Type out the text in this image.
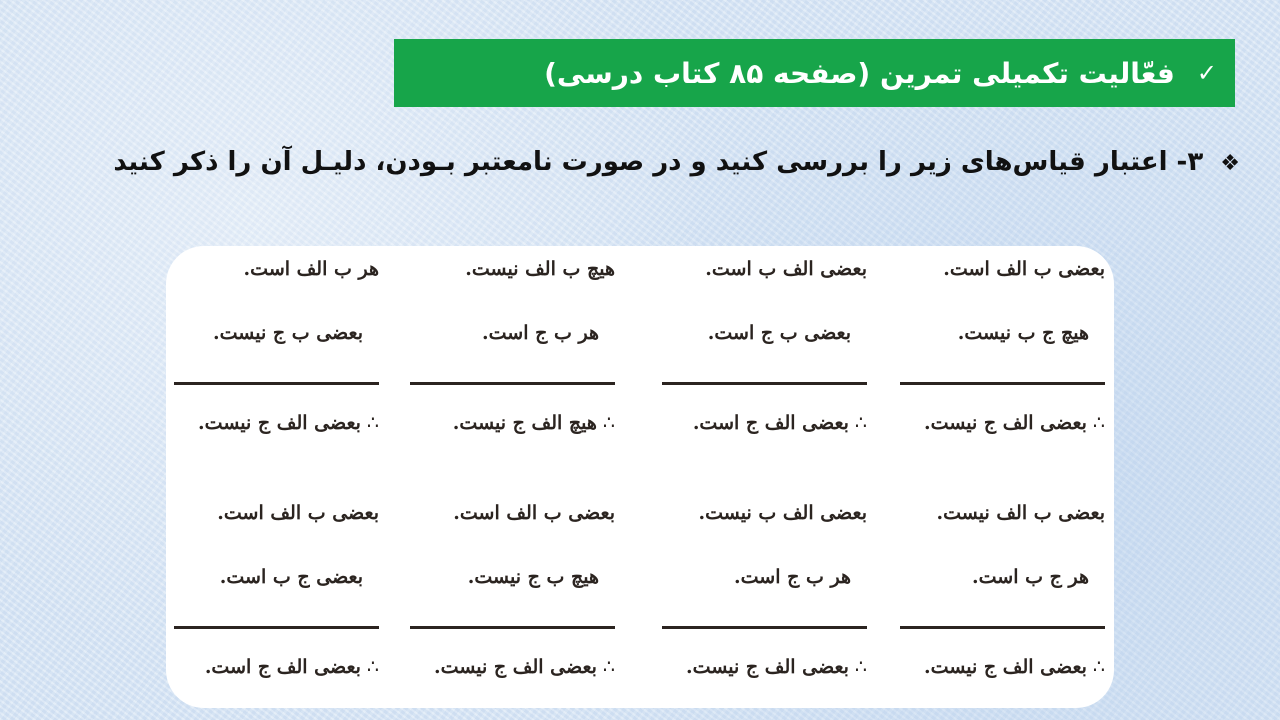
✓
فعّالیت تکمیلی تمرین (صفحه ۸۵ کتاب درسی)
❖ ۳- اعتبار قیاس‌های زیر را بررسی کنید و در صورت نامعتبر بـودن، دلیـل آن را ذکر کنید
بعضی ب الف است.
هیچ ج ب نیست.
∴بعضی الف ج نیست.
بعضی الف ب است.
بعضی ب ج است.
∴بعضی الف ج است.
هیچ ب الف نیست.
هر ب ج است.
∴هیچ الف ج نیست.
هر ب الف است.
بعضی ب ج نیست.
∴بعضی الف ج نیست.
بعضی ب الف نیست.
هر ج ب است.
∴بعضی الف ج نیست.
بعضی الف ب نیست.
هر ب ج است.
∴بعضی الف ج نیست.
بعضی ب الف است.
هیچ ب ج نیست.
∴بعضی الف ج نیست.
بعضی ب الف است.
بعضی ج ب است.
∴بعضی الف ج است.
